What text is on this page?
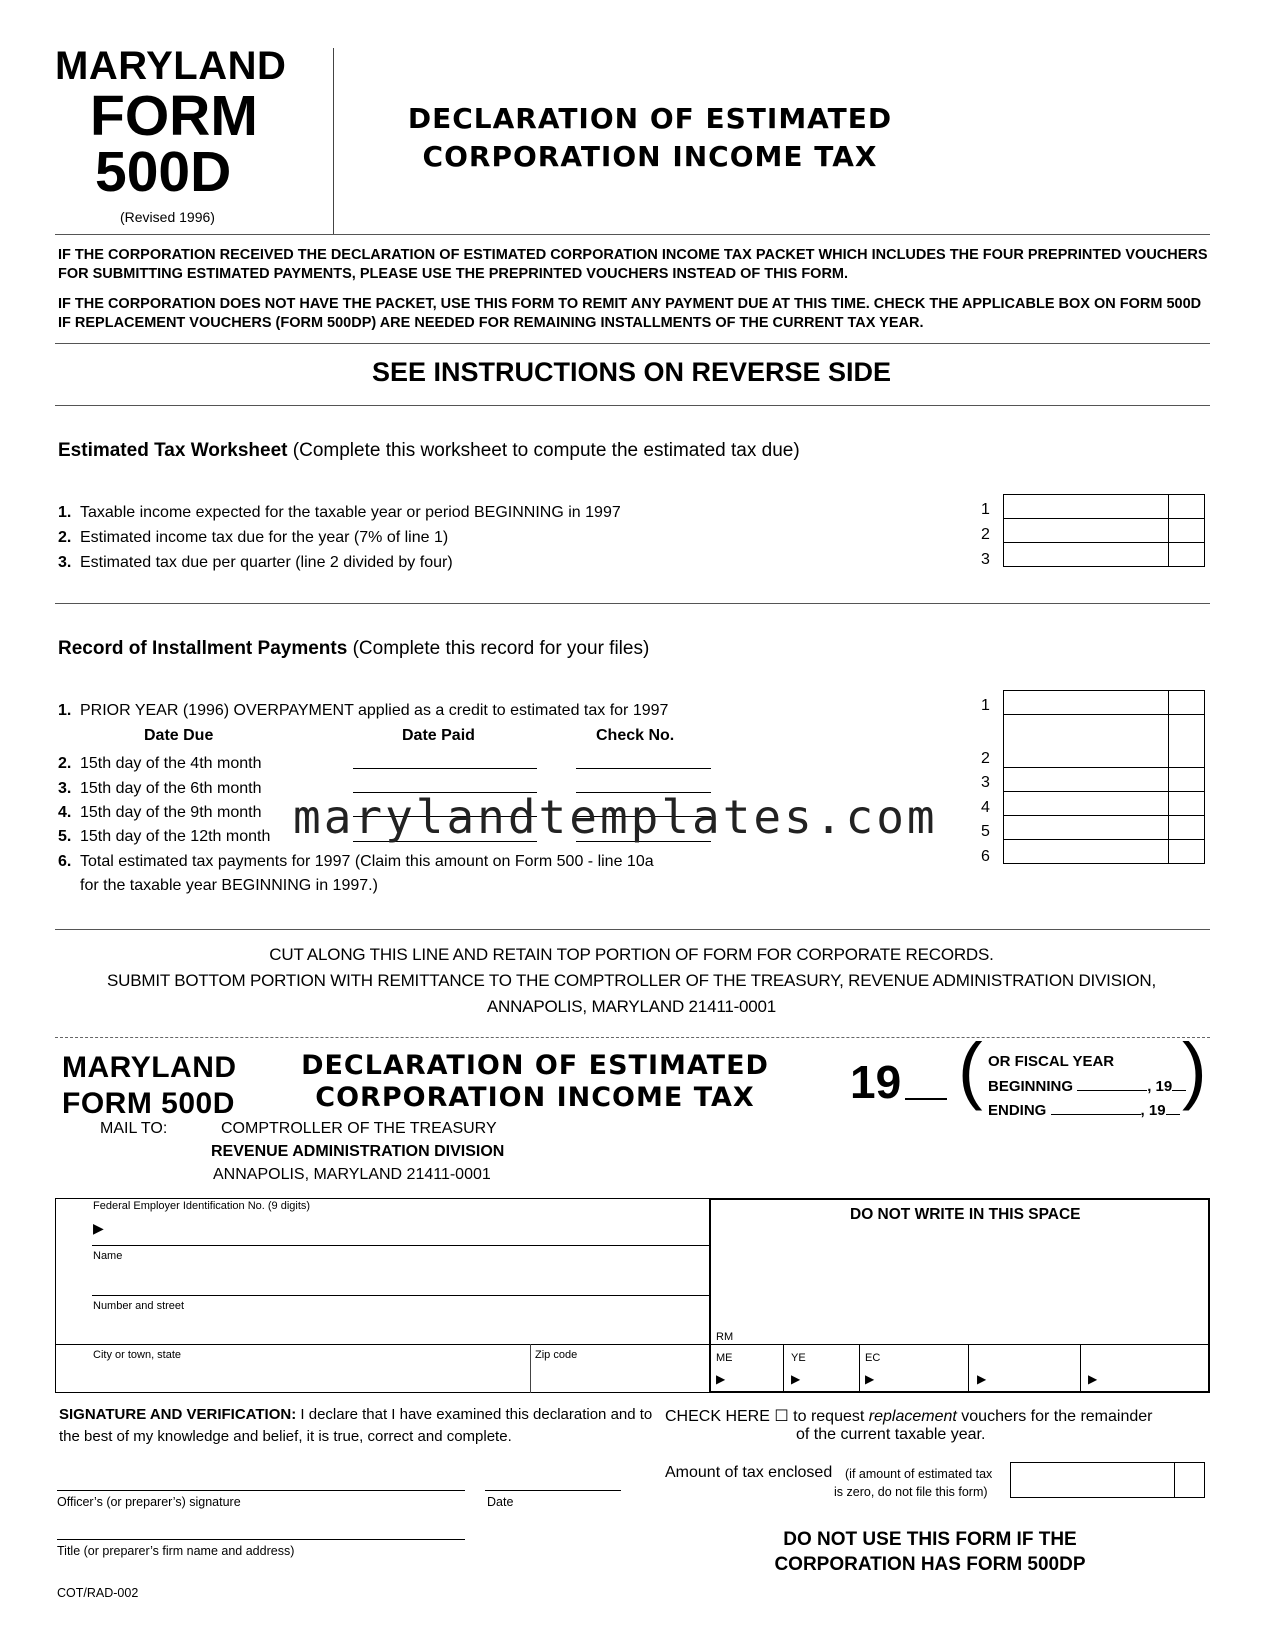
MARYLAND
FORM
500D
(Revised 1996)
DECLARATION OF ESTIMATED
CORPORATION INCOME TAX
IF THE CORPORATION RECEIVED THE DECLARATION OF ESTIMATED CORPORATION INCOME TAX PACKET WHICH INCLUDES THE FOUR PREPRINTED VOUCHERS FOR SUBMITTING ESTIMATED PAYMENTS, PLEASE USE THE PREPRINTED VOUCHERS INSTEAD OF THIS FORM.
IF THE CORPORATION DOES NOT HAVE THE PACKET, USE THIS FORM TO REMIT ANY PAYMENT DUE AT THIS TIME. CHECK THE APPLICABLE BOX ON FORM 500D IF REPLACEMENT VOUCHERS (FORM 500DP) ARE NEEDED FOR REMAINING INSTALLMENTS OF THE CURRENT TAX YEAR.
SEE INSTRUCTIONS ON REVERSE SIDE
Estimated Tax Worksheet (Complete this worksheet to compute the estimated tax due)
1. Taxable income expected for the taxable year or period BEGINNING in 1997
2. Estimated income tax due for the year (7% of line 1)
3. Estimated tax due per quarter (line 2 divided by four)
1
2
3
Record of Installment Payments (Complete this record for your files)
1. PRIOR YEAR (1996) OVERPAYMENT applied as a credit to estimated tax for 1997
Date Due	Date Paid	Check No.
2. 15th day of the 4th month
3. 15th day of the 6th month
4. 15th day of the 9th month
5. 15th day of the 12th month
6. Total estimated tax payments for 1997 (Claim this amount on Form 500 - line 10a
for the taxable year BEGINNING in 1997.)
1
2
3
4
5
6
marylandtemplates.com
CUT ALONG THIS LINE AND RETAIN TOP PORTION OF FORM FOR CORPORATE RECORDS.
SUBMIT BOTTOM PORTION WITH REMITTANCE TO THE COMPTROLLER OF THE TREASURY, REVENUE ADMINISTRATION DIVISION,
ANNAPOLIS, MARYLAND 21411-0001
MARYLAND
FORM 500D
DECLARATION OF ESTIMATED
CORPORATION INCOME TAX	19 (	)
OR FISCAL YEAR
BEGINNING	, 19
ENDING	, 19
MAIL TO:	COMPTROLLER OF THE TREASURY
REVENUE ADMINISTRATION DIVISION
ANNAPOLIS, MARYLAND 21411-0001
Federal Employer Identification No. (9 digits)
▶
Name
Number and street
City or town, state	Zip code
DO NOT WRITE IN THIS SPACE
RM
ME	YE	EC
▶	▶	▶	▶	▶
SIGNATURE AND VERIFICATION: I declare that I have examined this declaration and to
the best of my knowledge and belief, it is true, correct and complete.
Officer’s (or preparer’s) signature	Date
Title (or preparer’s firm name and address)
COT/RAD-002
CHECK HERE ☐ to request replacement vouchers for the remainder
of the current taxable year.
Amount of tax enclosed (if amount of estimated tax
is zero, do not file this form)
DO NOT USE THIS FORM IF THE
CORPORATION HAS FORM 500DP
